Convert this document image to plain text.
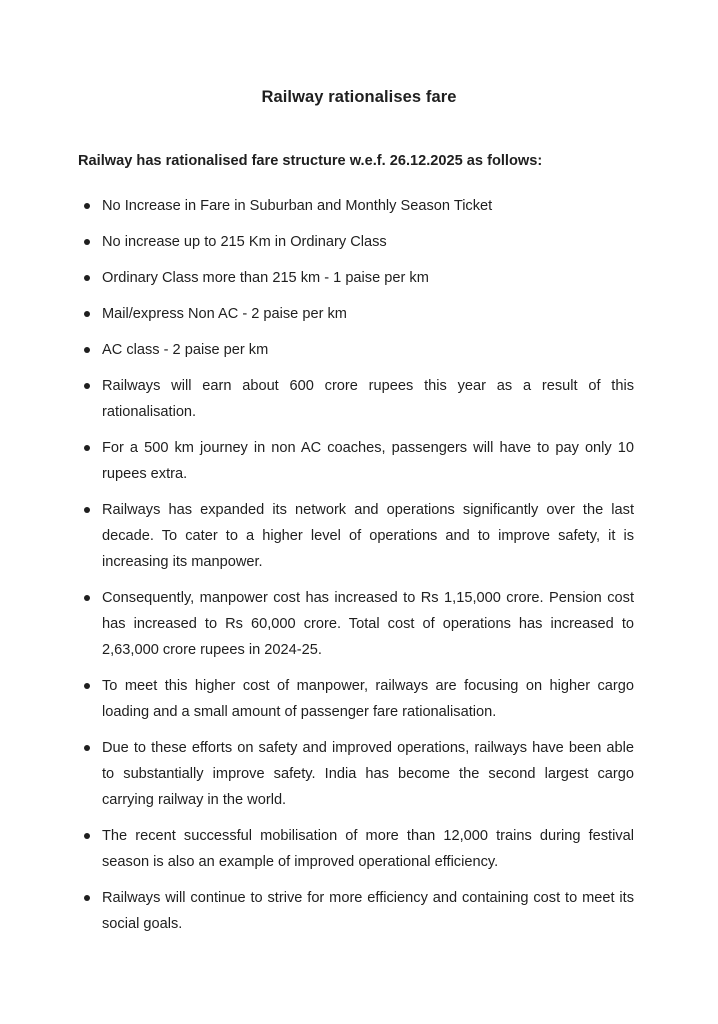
Railway rationalises fare

Railway has rationalised fare structure w.e.f. 26.12.2025 as follows:

No Increase in Fare in Suburban and Monthly Season Ticket
No increase up to 215 Km in Ordinary Class
Ordinary Class more than 215 km - 1 paise per km
Mail/express Non AC - 2 paise per km
AC class - 2 paise per km
Railways will earn about 600 crore rupees this year as a result of this rationalisation.
For a 500 km journey in non AC coaches, passengers will have to pay only 10 rupees extra.
Railways has expanded its network and operations significantly over the last decade. To cater to a higher level of operations and to improve safety, it is increasing its manpower.
Consequently, manpower cost has increased to Rs 1,15,000 crore. Pension cost has increased to Rs 60,000 crore. Total cost of operations has increased to 2,63,000 crore rupees in 2024-25.
To meet this higher cost of manpower, railways are focusing on higher cargo loading and a small amount of passenger fare rationalisation.
Due to these efforts on safety and improved operations, railways have been able to substantially improve safety. India has become the second largest cargo carrying railway in the world.
The recent successful mobilisation of more than 12,000 trains during festival season is also an example of improved operational efficiency.
Railways will continue to strive for more efficiency and containing cost to meet its social goals.
